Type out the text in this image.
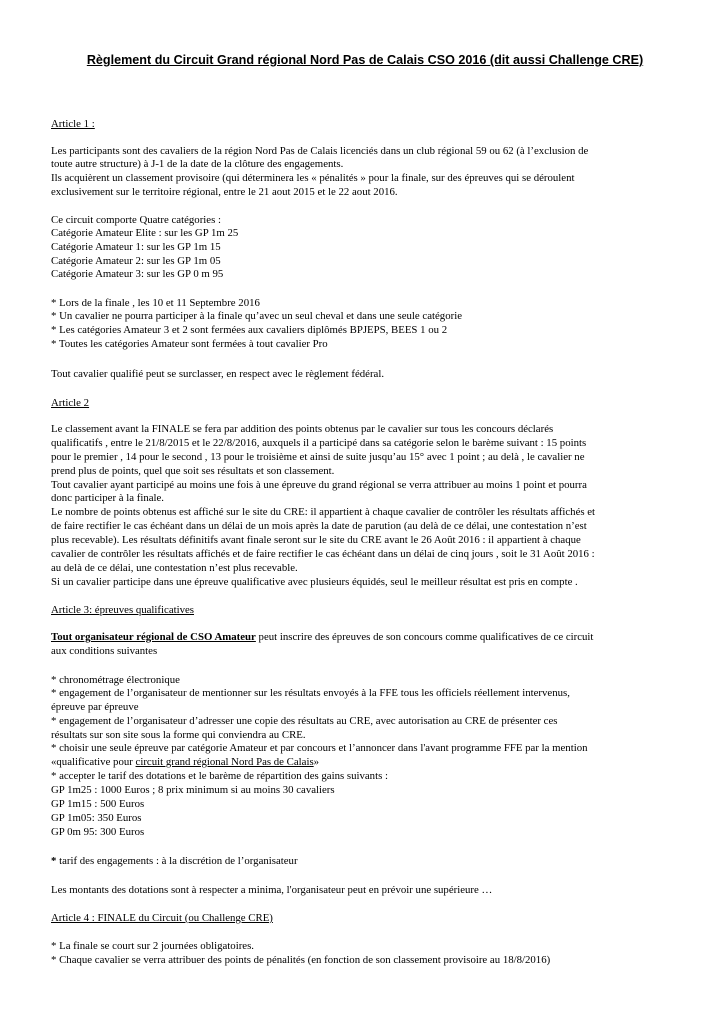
Règlement du Circuit Grand régional Nord Pas de Calais CSO 2016 (dit aussi Challenge CRE)
Article 1 :
Les participants sont des cavaliers de la région Nord Pas de Calais licenciés dans un club régional 59 ou 62 (à l’exclusion de
toute autre structure) à J-1 de la date de la clôture des engagements.
Ils acquièrent un classement provisoire (qui déterminera les « pénalités » pour la finale, sur des épreuves qui se déroulent
exclusivement sur le territoire régional, entre le 21 aout 2015 et le 22 aout 2016.
Ce circuit comporte Quatre catégories :
Catégorie Amateur Elite : sur les GP 1m 25
Catégorie Amateur 1: sur les GP 1m 15
Catégorie Amateur 2: sur les GP 1m 05
Catégorie Amateur 3: sur les GP 0 m 95
* Lors de la finale , les 10 et 11 Septembre 2016
* Un cavalier ne pourra participer à la finale qu’avec un seul cheval et dans une seule catégorie
* Les catégories Amateur 3 et 2 sont fermées aux cavaliers diplômés BPJEPS, BEES 1 ou 2
* Toutes les catégories Amateur sont fermées à tout cavalier Pro
Tout cavalier qualifié peut se surclasser, en respect avec le règlement fédéral.
Article 2
Le classement avant la FINALE se fera par addition des points obtenus par le cavalier sur tous les concours déclarés
qualificatifs , entre le 21/8/2015 et le 22/8/2016, auxquels il a participé dans sa catégorie selon le barème suivant : 15 points
pour le premier , 14 pour le second , 13 pour le troisième et ainsi de suite jusqu’au 15° avec 1 point ; au delà , le cavalier ne
prend plus de points, quel que soit ses résultats et son classement.
Tout cavalier ayant participé au moins une fois à une épreuve du grand régional se verra attribuer au moins 1 point et pourra
donc participer à la finale.
Le nombre de points obtenus est affiché sur le site du CRE: il appartient à chaque cavalier de contrôler les résultats affichés et
de faire rectifier le cas échéant dans un délai de un mois après la date de parution (au delà de ce délai, une contestation n’est
plus recevable). Les résultats définitifs avant finale seront sur le site du CRE avant le 26 Août 2016 : il appartient à chaque
cavalier de contrôler les résultats affichés et de faire rectifier le cas échéant dans un délai de cinq jours , soit le 31 Août 2016 :
au delà de ce délai, une contestation n’est plus recevable.
Si un cavalier participe dans une épreuve qualificative avec plusieurs équidés, seul le meilleur résultat est pris en compte .
Article 3: épreuves qualificatives
Tout organisateur régional de CSO Amateur peut inscrire des épreuves de son concours comme qualificatives de ce circuit
aux conditions suivantes
* chronométrage électronique
* engagement de l’organisateur de mentionner sur les résultats envoyés à la FFE tous les officiels réellement intervenus,
épreuve par épreuve
* engagement de l’organisateur d’adresser une copie des résultats au CRE, avec autorisation au CRE de présenter ces
résultats sur son site sous la forme qui conviendra au CRE.
* choisir une seule épreuve par catégorie Amateur et par concours et l’annoncer dans l'avant programme FFE par la mention
«qualificative pour circuit grand régional Nord Pas de Calais»
* accepter le tarif des dotations et le barème de répartition des gains suivants :
GP 1m25 : 1000 Euros ; 8 prix minimum si au moins 30 cavaliers
GP 1m15 : 500 Euros
GP 1m05: 350 Euros
GP 0m 95: 300 Euros
* tarif des engagements : à la discrétion de l’organisateur
Les montants des dotations sont à respecter a minima, l'organisateur peut en prévoir une supérieure …
Article 4 : FINALE du Circuit (ou Challenge CRE)
* La finale se court sur 2 journées obligatoires.
* Chaque cavalier se verra attribuer des points de pénalités (en fonction de son classement provisoire au 18/8/2016)
